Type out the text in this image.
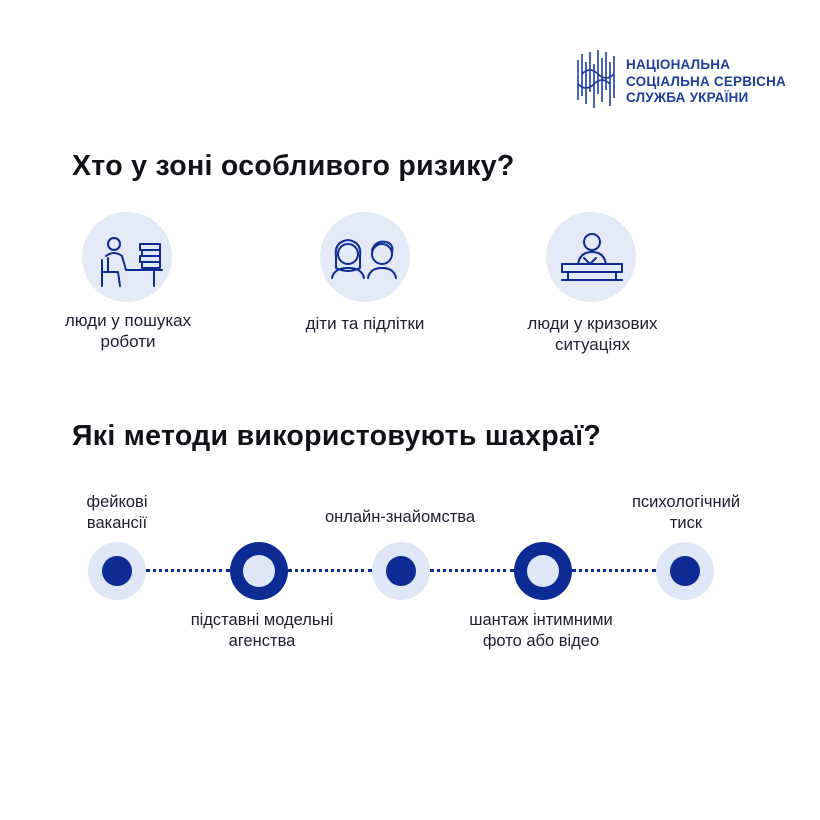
НАЦІОНАЛЬНА
СОЦІАЛЬНА СЕРВІСНА
СЛУЖБА УКРАЇНИ
Хто у зоні особливого ризику?
люди у пошуках
роботи
діти та підлітки	люди у кризових
ситуаціях
Які методи використовують шахраї?
фейкові
вакансії
підставні модельні
агенства
онлайн-знайомства
шантаж інтимними
фото або відео
психологічний
тиск
